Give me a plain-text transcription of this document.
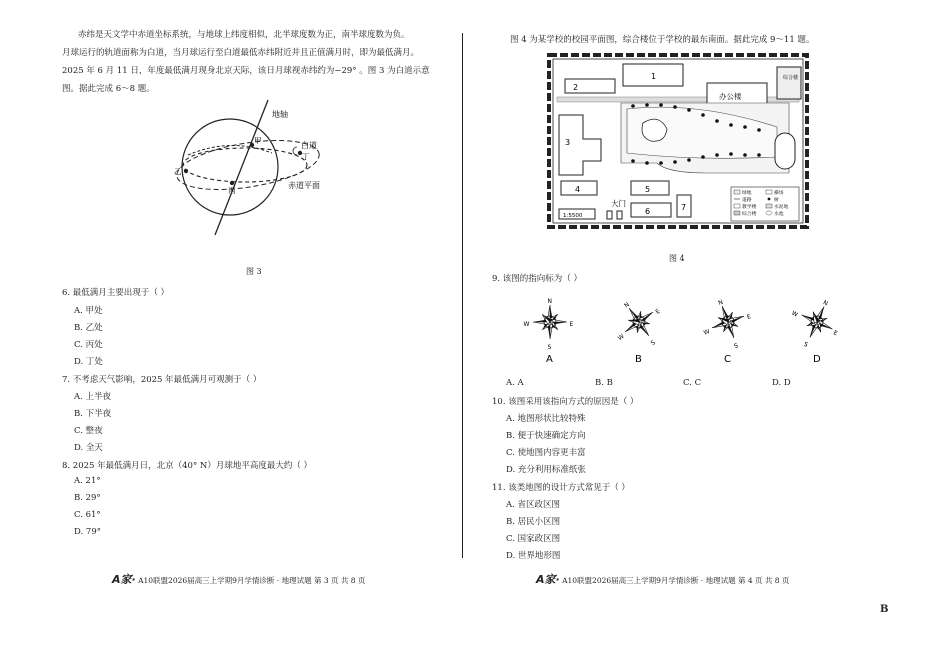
赤纬是天文学中赤道坐标系统，与地球上纬度相似，北半球度数为正，南半球度数为负。
月球运行的轨道面称为白道，当月球运行至白道最低赤纬附近并且正值满月时，即为最低满月。
2025 年 6 月 11 日，年度最低满月现身北京天际，该日月球视赤纬约为−29° 。图 3 为白道示意
图。据此完成 6～8 题。
地轴
甲
乙
丙
丁
白道
赤道平面
图 3
6. 最低满月主要出现于（ ）
A. 甲处
B. 乙处
C. 丙处
D. 丁处
7. 不考虑天气影响，2025 年最低满月可观测于（ ）
A. 上半夜
B. 下半夜
C. 整夜
D. 全天
8. 2025 年最低满月日，北京（40° N）月球地平高度最大约（ ）
A. 21°
B. 29°
C. 61°
D. 79°
A家· A10联盟2026届高三上学期9月学情诊断 · 地理试题 第 3 页 共 8 页
图 4 为某学校的校园平面图，综合楼位于学校的最东南面。据此完成 9～11 题。
1
2
办公楼
综合楼
3
4	5
6	7
大门
1:5500
绿地	操场
道路	树
教学楼	水泥地
综合楼	水池
图 4
9. 该图的指向标为（ ）
N
E
S
W
A
N
E
S
W
B
N
E
S
W
C
N
E
S
W
D
A. A	B. B	C. C	D. D
10. 该图采用该指向方式的原因是（ ）
A. 地图形状比较特殊
B. 便于快速确定方向
C. 使地图内容更丰富
D. 充分利用标准纸张
11. 该类地图的设计方式常见于（ ）
A. 省区政区图
B. 居民小区图
C. 国家政区图
D. 世界地形图
A家· A10联盟2026届高三上学期9月学情诊断 · 地理试题 第 4 页 共 8 页
B
